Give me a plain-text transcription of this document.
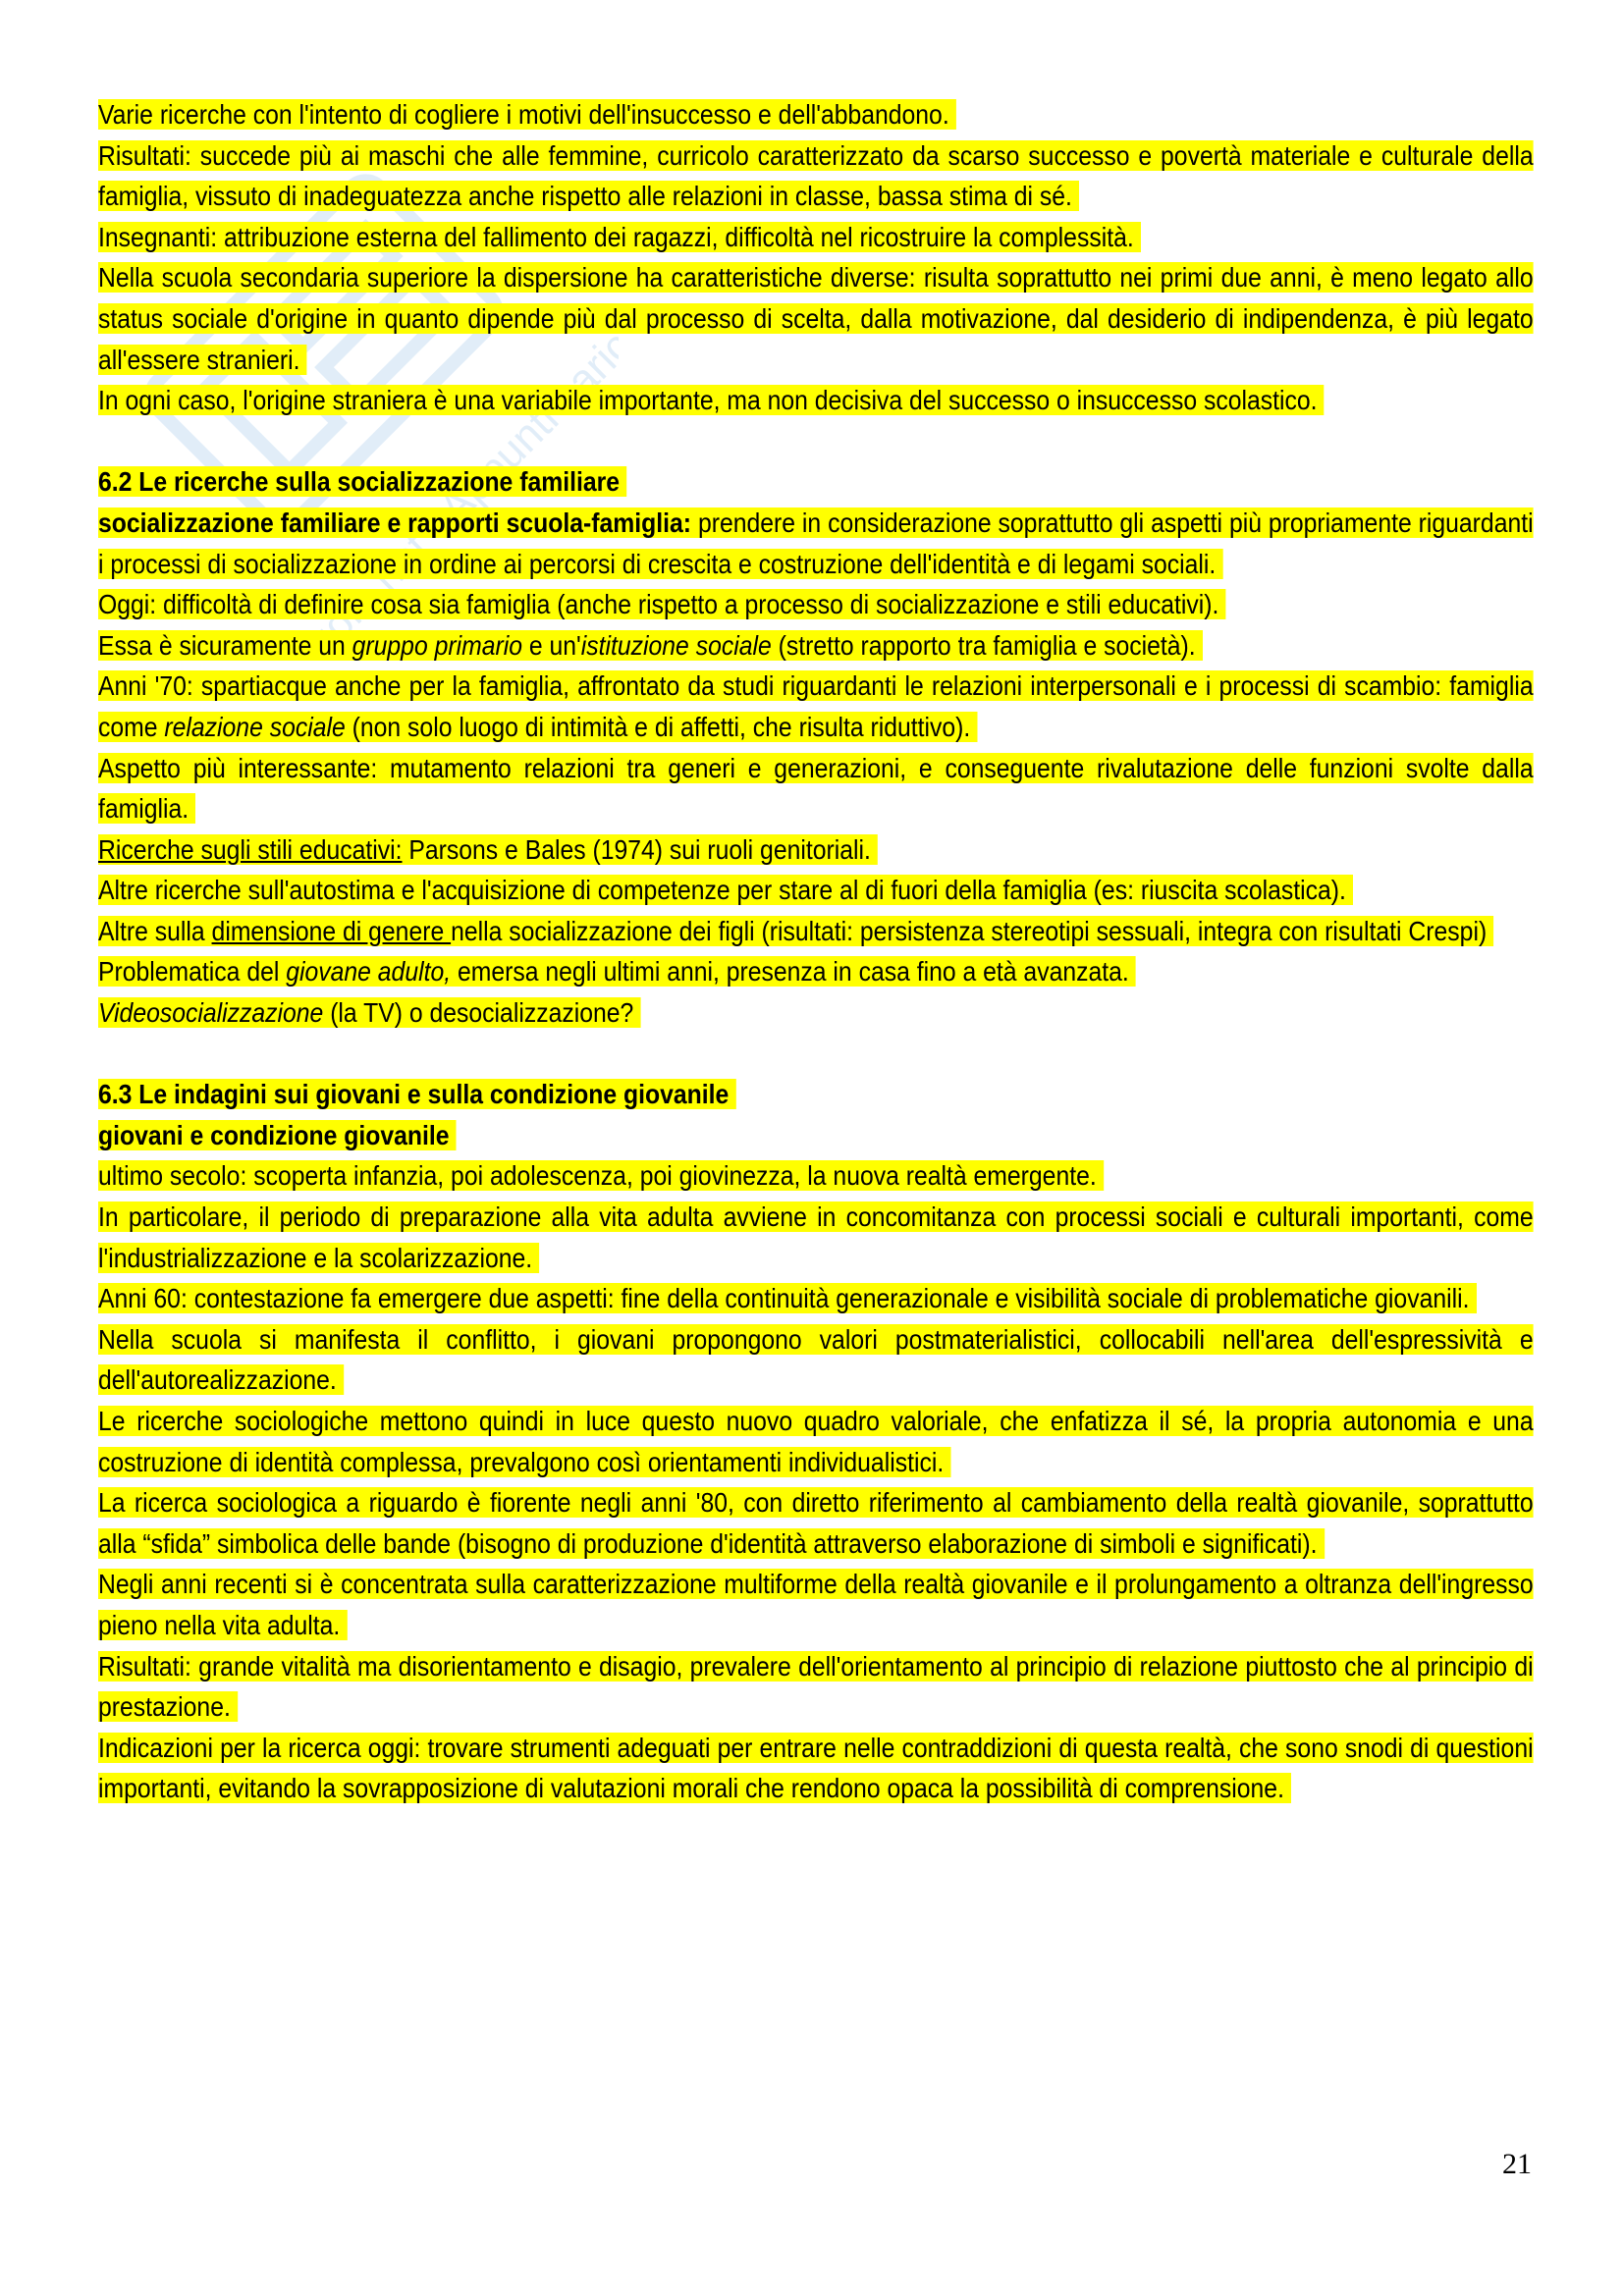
Varie ricerche con l'intento di cogliere i motivi dell'insuccesso e dell'abbandono.

Risultati: succede più ai maschi che alle femmine, curricolo caratterizzato da scarso successo e povertà materiale e culturale della famiglia, vissuto di inadeguatezza anche rispetto alle relazioni in classe, bassa stima di sé.

Insegnanti: attribuzione esterna del fallimento dei ragazzi, difficoltà nel ricostruire la complessità.

Nella scuola secondaria superiore la dispersione ha caratteristiche diverse: risulta soprattutto nei primi due anni, è meno legato allo status sociale d'origine in quanto dipende più dal processo di scelta, dalla motivazione, dal desiderio di indipendenza, è più legato all'essere stranieri.

In ogni caso, l'origine straniera è una variabile importante, ma non decisiva del successo o insuccesso scolastico.

6.2 Le ricerche sulla socializzazione familiare

socializzazione familiare e rapporti scuola-famiglia: prendere in considerazione soprattutto gli aspetti più propriamente riguardanti i processi di socializzazione in ordine ai percorsi di crescita e costruzione dell'identità e di legami sociali.

Oggi: difficoltà di definire cosa sia famiglia (anche rispetto a processo di socializzazione e stili educativi).

Essa è sicuramente un gruppo primario e un'istituzione sociale (stretto rapporto tra famiglia e società).

Anni '70: spartiacque anche per la famiglia, affrontato da studi riguardanti le relazioni interpersonali e i processi di scambio: famiglia come relazione sociale (non solo luogo di intimità e di affetti, che risulta riduttivo).

Aspetto più interessante: mutamento relazioni tra generi e generazioni, e conseguente rivalutazione delle funzioni svolte dalla famiglia.

Ricerche sugli stili educativi: Parsons e Bales (1974) sui ruoli genitoriali.

Altre ricerche sull'autostima e l'acquisizione di competenze per stare al di fuori della famiglia (es: riuscita scolastica).

Altre sulla dimensione di genere nella socializzazione dei figli (risultati: persistenza stereotipi sessuali, integra con risultati Crespi)

Problematica del giovane adulto, emersa negli ultimi anni, presenza in casa fino a età avanzata.

Videosocializzazione (la TV) o desocializzazione?

6.3 Le indagini sui giovani e sulla condizione giovanile

giovani e condizione giovanile

ultimo secolo: scoperta infanzia, poi adolescenza, poi giovinezza, la nuova realtà emergente.

In particolare, il periodo di preparazione alla vita adulta avviene in concomitanza con processi sociali e culturali importanti, come l'industrializzazione e la scolarizzazione.

Anni 60: contestazione fa emergere due aspetti: fine della continuità generazionale e visibilità sociale di problematiche giovanili.

Nella scuola si manifesta il conflitto, i giovani propongono valori postmaterialistici, collocabili nell'area dell'espressività e dell'autorealizzazione.

Le ricerche sociologiche mettono quindi in luce questo nuovo quadro valoriale, che enfatizza il sé, la propria autonomia e una costruzione di identità complessa, prevalgono così orientamenti individualistici.

La ricerca sociologica a riguardo è fiorente negli anni '80, con diretto riferimento al cambiamento della realtà giovanile, soprattutto alla “sfida” simbolica delle bande (bisogno di produzione d'identità attraverso elaborazione di simboli e significati).

Negli anni recenti si è concentrata sulla caratterizzazione multiforme della realtà giovanile e il prolungamento a oltranza dell'ingresso pieno nella vita adulta.

Risultati: grande vitalità ma disorientamento e disagio, prevalere dell'orientamento al principio di relazione piuttosto che al principio di prestazione.

Indicazioni per la ricerca oggi: trovare strumenti adeguati per entrare nelle contraddizioni di questa realtà, che sono snodi di questioni importanti, evitando la sovrapposizione di valutazioni morali che rendono opaca la possibilità di comprensione.

21
